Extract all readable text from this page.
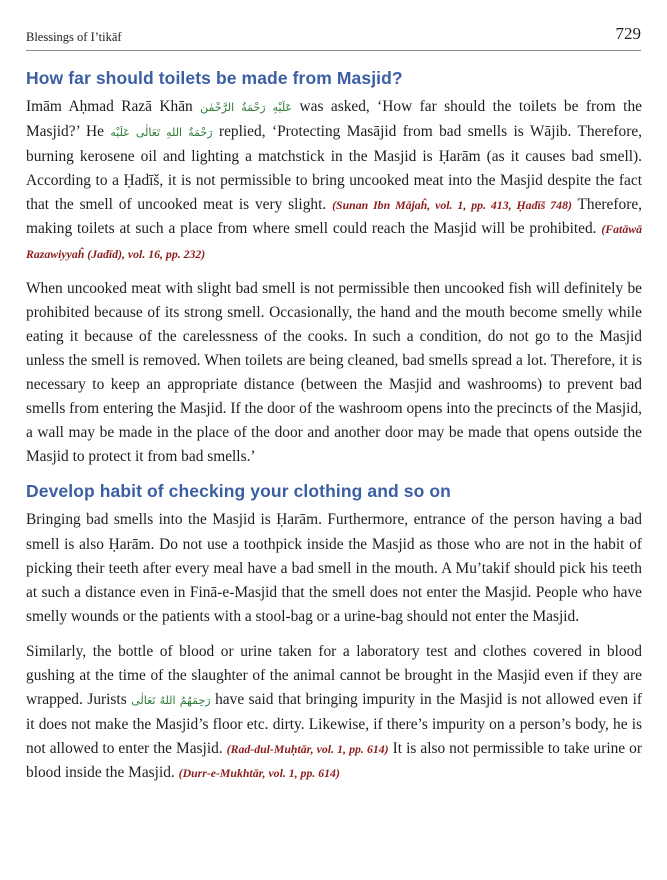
Blessings of I’tikāf	729
How far should toilets be made from Masjid?

Imām Aḥmad Razā Khān عَلَيْهِ رَحْمَةُ الرَّحْمٰن was asked, ‘How far should the toilets be from the Masjid?’ He رَحْمَةُ اللهِ تَعَالٰی عَلَيْه replied, ‘Protecting Masājid from bad smells is Wājib. Therefore, burning kerosene oil and lighting a matchstick in the Masjid is Ḥarām (as it causes bad smell). According to a Ḥadīš, it is not permissible to bring uncooked meat into the Masjid despite the fact that the smell of uncooked meat is very slight. (Sunan Ibn Mājaĥ, vol. 1, pp. 413, Ḥadīš 748) Therefore, making toilets at such a place from where smell could reach the Masjid will be prohibited. (Fatāwā Razawiyyaĥ (Jadīd), vol. 16, pp. 232)

When uncooked meat with slight bad smell is not permissible then uncooked fish will definitely be prohibited because of its strong smell. Occasionally, the hand and the mouth become smelly while eating it because of the carelessness of the cooks. In such a condition, do not go to the Masjid unless the smell is removed. When toilets are being cleaned, bad smells spread a lot. Therefore, it is necessary to keep an appropriate distance (between the Masjid and washrooms) to prevent bad smells from entering the Masjid. If the door of the washroom opens into the precincts of the Masjid, a wall may be made in the place of the door and another door may be made that opens outside the Masjid to protect it from bad smells.’

Develop habit of checking your clothing and so on

Bringing bad smells into the Masjid is Ḥarām. Furthermore, entrance of the person having a bad smell is also Ḥarām. Do not use a toothpick inside the Masjid as those who are not in the habit of picking their teeth after every meal have a bad smell in the mouth. A Mu’takif should pick his teeth at such a distance even in Finā-e-Masjid that the smell does not enter the Masjid. People who have smelly wounds or the patients with a stool-bag or a urine-bag should not enter the Masjid.

Similarly, the bottle of blood or urine taken for a laboratory test and clothes covered in blood gushing at the time of the slaughter of the animal cannot be brought in the Masjid even if they are wrapped. Jurists رَحِمَهُمُ اللهُ تَعَالٰی have said that bringing impurity in the Masjid is not allowed even if it does not make the Masjid’s floor etc. dirty. Likewise, if there’s impurity on a person’s body, he is not allowed to enter the Masjid. (Rad-dul-Muḥtār, vol. 1, pp. 614) It is also not permissible to take urine or blood inside the Masjid. (Durr-e-Mukhtār, vol. 1, pp. 614)
